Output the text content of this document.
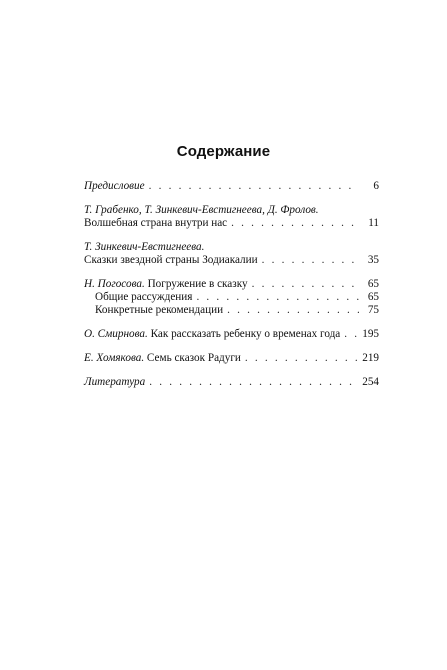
Содержание
Предисловие . . .	6
Т. Грабенко, Т. Зинкевич-Евстигнеева, Д. Фролов.
Волшебная страна внутри нас . . .	11
Т. Зинкевич-Евстигнеева.
Сказки звездной страны Зодиакалии . . .	35
Н. Погосова. Погружение в сказку . . .	65
Общие рассуждения . . .	65
Конкретные рекомендации . . .	75
О. Смирнова. Как рассказать ребенку о временах года . . . 195
Е. Хомякова. Семь сказок Радуги . . .	219
Литература . . .	254
